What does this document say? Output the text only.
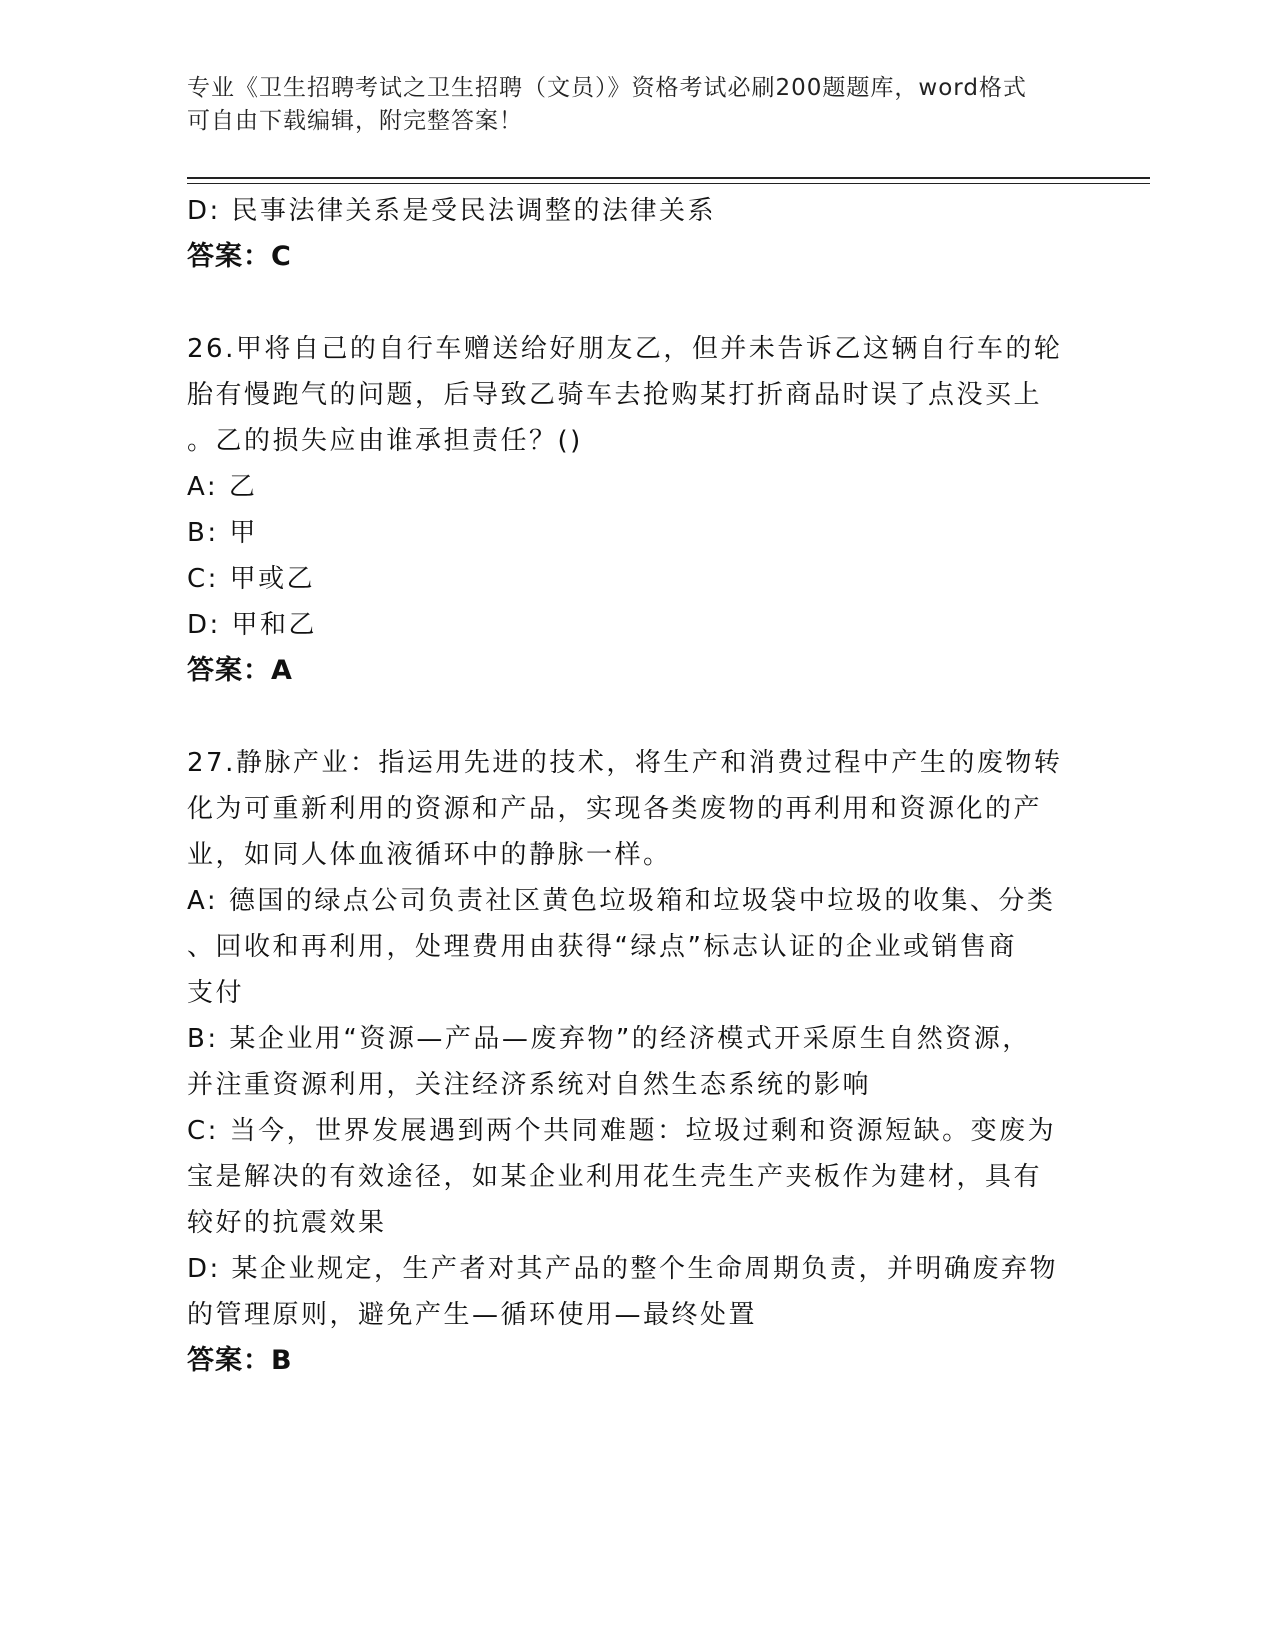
专业《卫生招聘考试之卫生招聘（文员）》资格考试必刷200题题库，word格式
可自由下载编辑，附完整答案！
D: 民事法律关系是受民法调整的法律关系
答案：C
26.甲将自己的自行车赠送给好朋友乙，但并未告诉乙这辆自行车的轮
胎有慢跑气的问题，后导致乙骑车去抢购某打折商品时误了点没买上
。乙的损失应由谁承担责任？()
A: 乙
B: 甲
C: 甲或乙
D: 甲和乙
答案：A
27.静脉产业：指运用先进的技术，将生产和消费过程中产生的废物转
化为可重新利用的资源和产品，实现各类废物的再利用和资源化的产
业，如同人体血液循环中的静脉一样。
A: 德国的绿点公司负责社区黄色垃圾箱和垃圾袋中垃圾的收集、分类
、回收和再利用，处理费用由获得“绿点”标志认证的企业或销售商
支付
B: 某企业用“资源—产品—废弃物”的经济模式开采原生自然资源，
并注重资源利用，关注经济系统对自然生态系统的影响
C: 当今，世界发展遇到两个共同难题：垃圾过剩和资源短缺。变废为
宝是解决的有效途径，如某企业利用花生壳生产夹板作为建材，具有
较好的抗震效果
D: 某企业规定，生产者对其产品的整个生命周期负责，并明确废弃物
的管理原则，避免产生—循环使用—最终处置
答案：B
